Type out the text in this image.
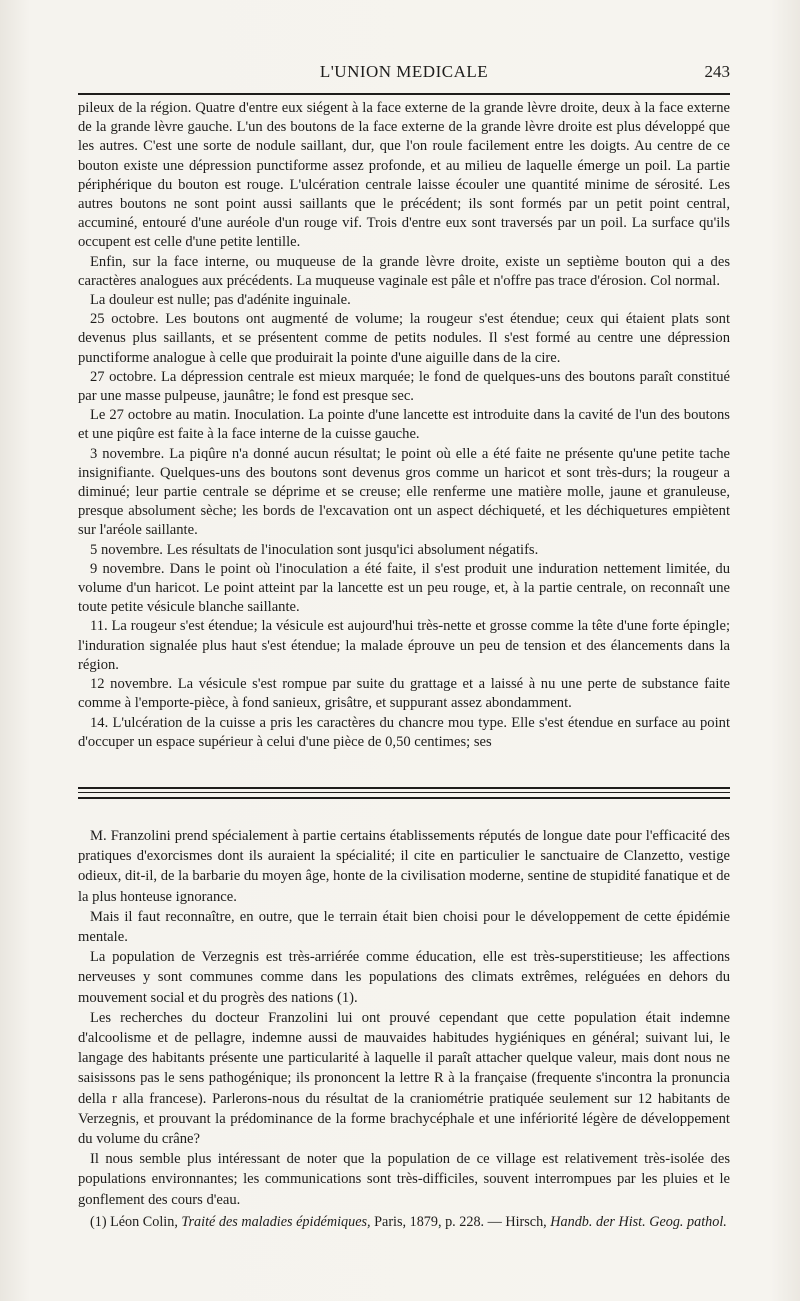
L'UNION MEDICALE	243

pileux de la région. Quatre d'entre eux siégent à la face externe de la grande lèvre droite, deux à la face externe de la grande lèvre gauche. L'un des boutons de la face externe de la grande lèvre droite est plus développé que les autres. C'est une sorte de nodule saillant, dur, que l'on roule facilement entre les doigts. Au centre de ce bouton existe une dépression punctiforme assez profonde, et au milieu de laquelle émerge un poil. La partie périphérique du bouton est rouge. L'ulcération centrale laisse écouler une quantité minime de sérosité. Les autres boutons ne sont point aussi saillants que le précédent; ils sont formés par un petit point central, accuminé, entouré d'une auréole d'un rouge vif. Trois d'entre eux sont traversés par un poil. La surface qu'ils occupent est celle d'une petite lentille.

Enfin, sur la face interne, ou muqueuse de la grande lèvre droite, existe un septième bouton qui a des caractères analogues aux précédents. La muqueuse vaginale est pâle et n'offre pas trace d'érosion. Col normal.

La douleur est nulle; pas d'adénite inguinale.

25 octobre. Les boutons ont augmenté de volume; la rougeur s'est étendue; ceux qui étaient plats sont devenus plus saillants, et se présentent comme de petits nodules. Il s'est formé au centre une dépression punctiforme analogue à celle que produirait la pointe d'une aiguille dans de la cire.

27 octobre. La dépression centrale est mieux marquée; le fond de quelques-uns des boutons paraît constitué par une masse pulpeuse, jaunâtre; le fond est presque sec.

Le 27 octobre au matin. Inoculation. La pointe d'une lancette est introduite dans la cavité de l'un des boutons et une piqûre est faite à la face interne de la cuisse gauche.

3 novembre. La piqûre n'a donné aucun résultat; le point où elle a été faite ne présente qu'une petite tache insignifiante. Quelques-uns des boutons sont devenus gros comme un haricot et sont très-durs; la rougeur a diminué; leur partie centrale se déprime et se creuse; elle renferme une matière molle, jaune et granuleuse, presque absolument sèche; les bords de l'excavation ont un aspect déchiqueté, et les déchiquetures empiètent sur l'aréole saillante.

5 novembre. Les résultats de l'inoculation sont jusqu'ici absolument négatifs.

9 novembre. Dans le point où l'inoculation a été faite, il s'est produit une induration nettement limitée, du volume d'un haricot. Le point atteint par la lancette est un peu rouge, et, à la partie centrale, on reconnaît une toute petite vésicule blanche saillante.

11. La rougeur s'est étendue; la vésicule est aujourd'hui très-nette et grosse comme la tête d'une forte épingle; l'induration signalée plus haut s'est étendue; la malade éprouve un peu de tension et des élancements dans la région.

12 novembre. La vésicule s'est rompue par suite du grattage et a laissé à nu une perte de substance faite comme à l'emporte-pièce, à fond sanieux, grisâtre, et suppurant assez abondamment.

14. L'ulcération de la cuisse a pris les caractères du chancre mou type. Elle s'est étendue en surface au point d'occuper un espace supérieur à celui d'une pièce de 0,50 centimes; ses

M. Franzolini prend spécialement à partie certains établissements réputés de longue date pour l'efficacité des pratiques d'exorcismes dont ils auraient la spécialité; il cite en particulier le sanctuaire de Clanzetto, vestige odieux, dit-il, de la barbarie du moyen âge, honte de la civilisation moderne, sentine de stupidité fanatique et de la plus honteuse ignorance.

Mais il faut reconnaître, en outre, que le terrain était bien choisi pour le développement de cette épidémie mentale.

La population de Verzegnis est très-arriérée comme éducation, elle est très-superstitieuse; les affections nerveuses y sont communes comme dans les populations des climats extrêmes, reléguées en dehors du mouvement social et du progrès des nations (1).

Les recherches du docteur Franzolini lui ont prouvé cependant que cette population était indemne d'alcoolisme et de pellagre, indemne aussi de mauvaides habitudes hygiéniques en général; suivant lui, le langage des habitants présente une particularité à laquelle il paraît attacher quelque valeur, mais dont nous ne saisissons pas le sens pathogénique; ils prononcent la lettre R à la française (frequente s'incontra la pronuncia della r alla francese). Parlerons-nous du résultat de la craniométrie pratiquée seulement sur 12 habitants de Verzegnis, et prouvant la prédominance de la forme brachycéphale et une infériorité légère de développement du volume du crâne?

Il nous semble plus intéressant de noter que la population de ce village est relativement très-isolée des populations environnantes; les communications sont très-difficiles, souvent interrompues par les pluies et le gonflement des cours d'eau.

(1) Léon Colin, Traité des maladies épidémiques, Paris, 1879, p. 228. — Hirsch, Handb. der Hist. Geog. pathol.
